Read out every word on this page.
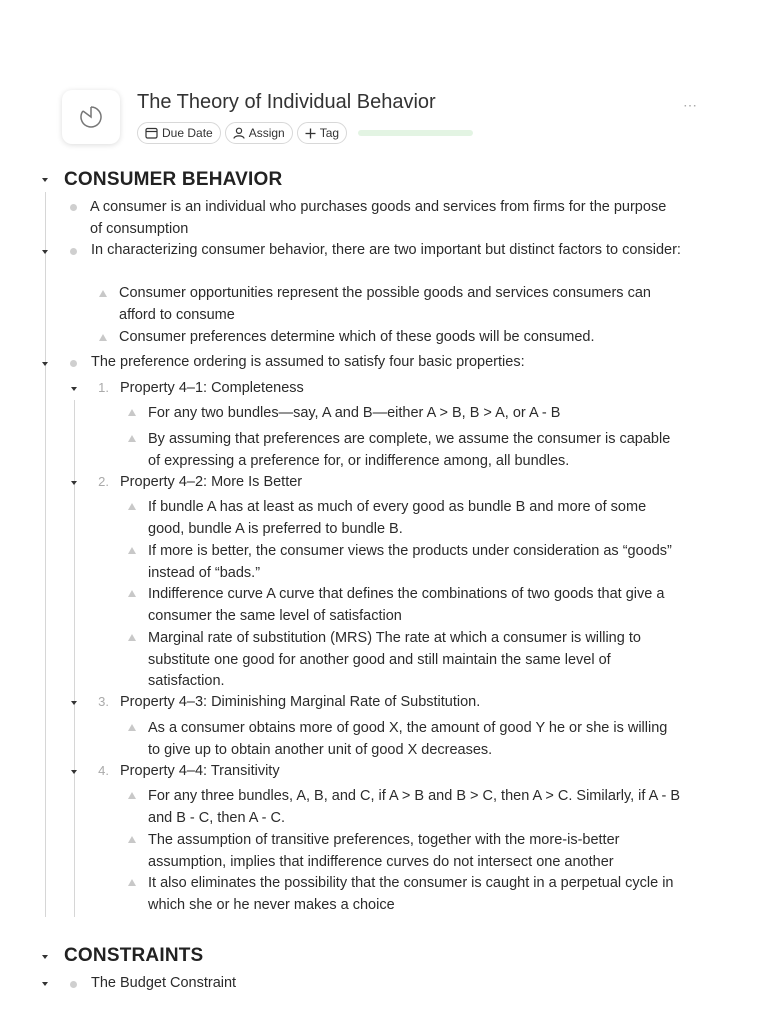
The Theory of Individual Behavior	⋯
Due Date	Assign	Tag
CONSUMER BEHAVIOR
A consumer is an individual who purchases goods and services from firms for the purpose of consumption
In characterizing consumer behavior, there are two important but distinct factors to consider:
Consumer opportunities represent the possible goods and services consumers can afford to consume
Consumer preferences determine which of these goods will be consumed.
The preference ordering is assumed to satisfy four basic properties:
1. Property 4–1: Completeness
For any two bundles—say, A and B—either A > B, B > A, or A - B
By assuming that preferences are complete, we assume the consumer is capable of expressing a preference for, or indifference among, all bundles.
2. Property 4–2: More Is Better
If bundle A has at least as much of every good as bundle B and more of some good, bundle A is preferred to bundle B.
If more is better, the consumer views the products under consideration as “goods” instead of “bads.”
Indifference curve A curve that defines the combinations of two goods that give a consumer the same level of satisfaction
Marginal rate of substitution (MRS) The rate at which a consumer is willing to substitute one good for another good and still maintain the same level of satisfaction.
3. Property 4–3: Diminishing Marginal Rate of Substitution.
As a consumer obtains more of good X, the amount of good Y he or she is willing to give up to obtain another unit of good X decreases.
4. Property 4–4: Transitivity
For any three bundles, A, B, and C, if A > B and B > C, then A > C. Similarly, if A - B and B - C, then A - C.
The assumption of transitive preferences, together with the more-is-better assumption, implies that indifference curves do not intersect one another
It also eliminates the possibility that the consumer is caught in a perpetual cycle in which she or he never makes a choice
CONSTRAINTS
The Budget Constraint
